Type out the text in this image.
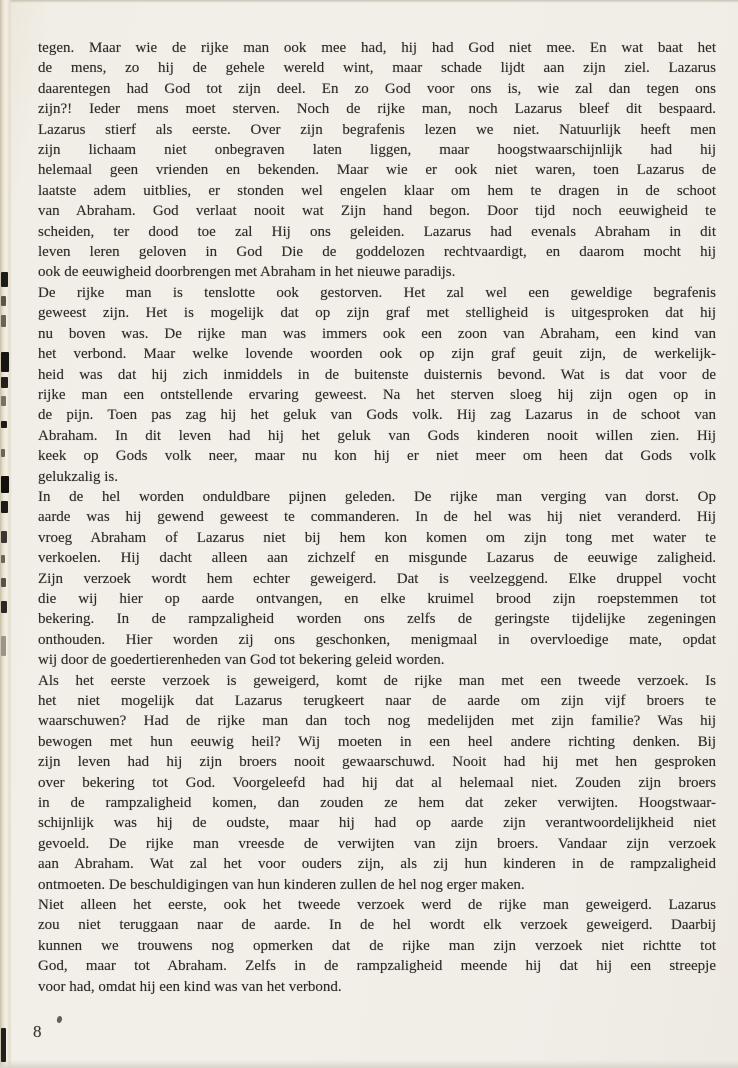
tegen. Maar wie de rijke man ook mee had, hij had God niet mee. En wat baat het
de mens, zo hij de gehele wereld wint, maar schade lijdt aan zijn ziel. Lazarus
daarentegen had God tot zijn deel. En zo God voor ons is, wie zal dan tegen ons
zijn?! Ieder mens moet sterven. Noch de rijke man, noch Lazarus bleef dit bespaard.
Lazarus stierf als eerste. Over zijn begrafenis lezen we niet. Natuurlijk heeft men
zijn lichaam niet onbegraven laten liggen, maar hoogstwaarschijnlijk had hij
helemaal geen vrienden en bekenden. Maar wie er ook niet waren, toen Lazarus de
laatste adem uitblies, er stonden wel engelen klaar om hem te dragen in de schoot
van Abraham. God verlaat nooit wat Zijn hand begon. Door tijd noch eeuwigheid te
scheiden, ter dood toe zal Hij ons geleiden. Lazarus had evenals Abraham in dit
leven leren geloven in God Die de goddelozen rechtvaardigt, en daarom mocht hij
ook de eeuwigheid doorbrengen met Abraham in het nieuwe paradijs.
De rijke man is tenslotte ook gestorven. Het zal wel een geweldige begrafenis
geweest zijn. Het is mogelijk dat op zijn graf met stelligheid is uitgesproken dat hij
nu boven was. De rijke man was immers ook een zoon van Abraham, een kind van
het verbond. Maar welke lovende woorden ook op zijn graf geuit zijn, de werkelijk-
heid was dat hij zich inmiddels in de buitenste duisternis bevond. Wat is dat voor de
rijke man een ontstellende ervaring geweest. Na het sterven sloeg hij zijn ogen op in
de pijn. Toen pas zag hij het geluk van Gods volk. Hij zag Lazarus in de schoot van
Abraham. In dit leven had hij het geluk van Gods kinderen nooit willen zien. Hij
keek op Gods volk neer, maar nu kon hij er niet meer om heen dat Gods volk
gelukzalig is.
In de hel worden onduldbare pijnen geleden. De rijke man verging van dorst. Op
aarde was hij gewend geweest te commanderen. In de hel was hij niet veranderd. Hij
vroeg Abraham of Lazarus niet bij hem kon komen om zijn tong met water te
verkoelen. Hij dacht alleen aan zichzelf en misgunde Lazarus de eeuwige zaligheid.
Zijn verzoek wordt hem echter geweigerd. Dat is veelzeggend. Elke druppel vocht
die wij hier op aarde ontvangen, en elke kruimel brood zijn roepstemmen tot
bekering. In de rampzaligheid worden ons zelfs de geringste tijdelijke zegeningen
onthouden. Hier worden zij ons geschonken, menigmaal in overvloedige mate, opdat
wij door de goedertierenheden van God tot bekering geleid worden.
Als het eerste verzoek is geweigerd, komt de rijke man met een tweede verzoek. Is
het niet mogelijk dat Lazarus terugkeert naar de aarde om zijn vijf broers te
waarschuwen? Had de rijke man dan toch nog medelijden met zijn familie? Was hij
bewogen met hun eeuwig heil? Wij moeten in een heel andere richting denken. Bij
zijn leven had hij zijn broers nooit gewaarschuwd. Nooit had hij met hen gesproken
over bekering tot God. Voorgeleefd had hij dat al helemaal niet. Zouden zijn broers
in de rampzaligheid komen, dan zouden ze hem dat zeker verwijten. Hoogstwaar-
schijnlijk was hij de oudste, maar hij had op aarde zijn verantwoordelijkheid niet
gevoeld. De rijke man vreesde de verwijten van zijn broers. Vandaar zijn verzoek
aan Abraham. Wat zal het voor ouders zijn, als zij hun kinderen in de rampzaligheid
ontmoeten. De beschuldigingen van hun kinderen zullen de hel nog erger maken.
Niet alleen het eerste, ook het tweede verzoek werd de rijke man geweigerd. Lazarus
zou niet teruggaan naar de aarde. In de hel wordt elk verzoek geweigerd. Daarbij
kunnen we trouwens nog opmerken dat de rijke man zijn verzoek niet richtte tot
God, maar tot Abraham. Zelfs in de rampzaligheid meende hij dat hij een streepje
voor had, omdat hij een kind was van het verbond.
8
